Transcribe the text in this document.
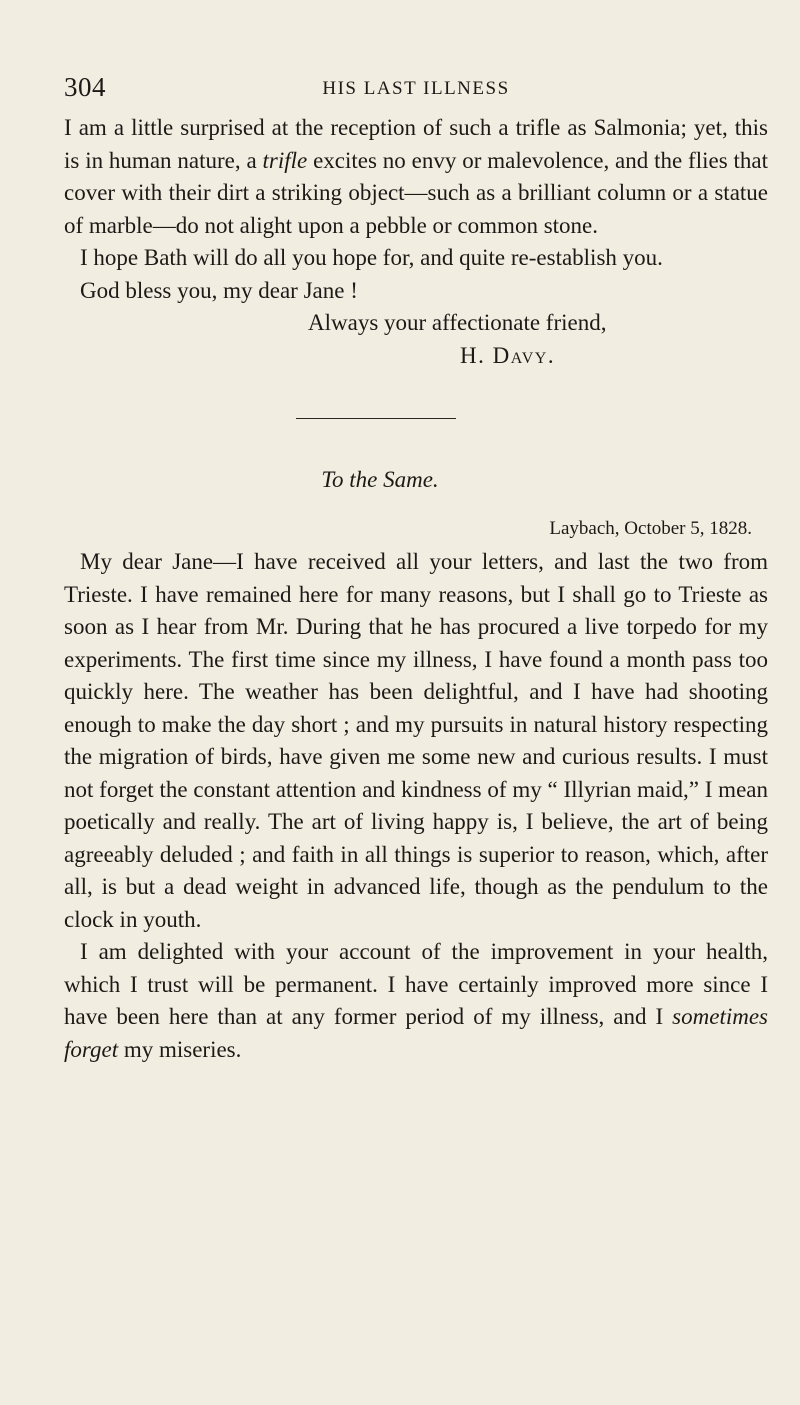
304	HIS LAST ILLNESS

I am a little surprised at the reception of such a trifle as Salmonia; yet, this is in human nature, a trifle excites no envy or malevolence, and the flies that cover with their dirt a striking object—such as a brilliant column or a statue of marble—do not alight upon a pebble or common stone.

I hope Bath will do all you hope for, and quite re-establish you.

God bless you, my dear Jane !

Always your affectionate friend,

H. Davy.

To the Same.

Laybach, October 5, 1828.

My dear Jane—I have received all your letters, and last the two from Trieste. I have remained here for many reasons, but I shall go to Trieste as soon as I hear from Mr. During that he has procured a live torpedo for my experiments. The first time since my illness, I have found a month pass too quickly here. The weather has been delightful, and I have had shooting enough to make the day short ; and my pursuits in natural history respecting the migration of birds, have given me some new and curious results. I must not forget the constant attention and kindness of my “ Illyrian maid,” I mean poetically and really. The art of living happy is, I believe, the art of being agreeably deluded ; and faith in all things is superior to reason, which, after all, is but a dead weight in advanced life, though as the pendulum to the clock in youth.

I am delighted with your account of the improvement in your health, which I trust will be permanent. I have certainly improved more since I have been here than at any former period of my illness, and I sometimes forget my miseries.
